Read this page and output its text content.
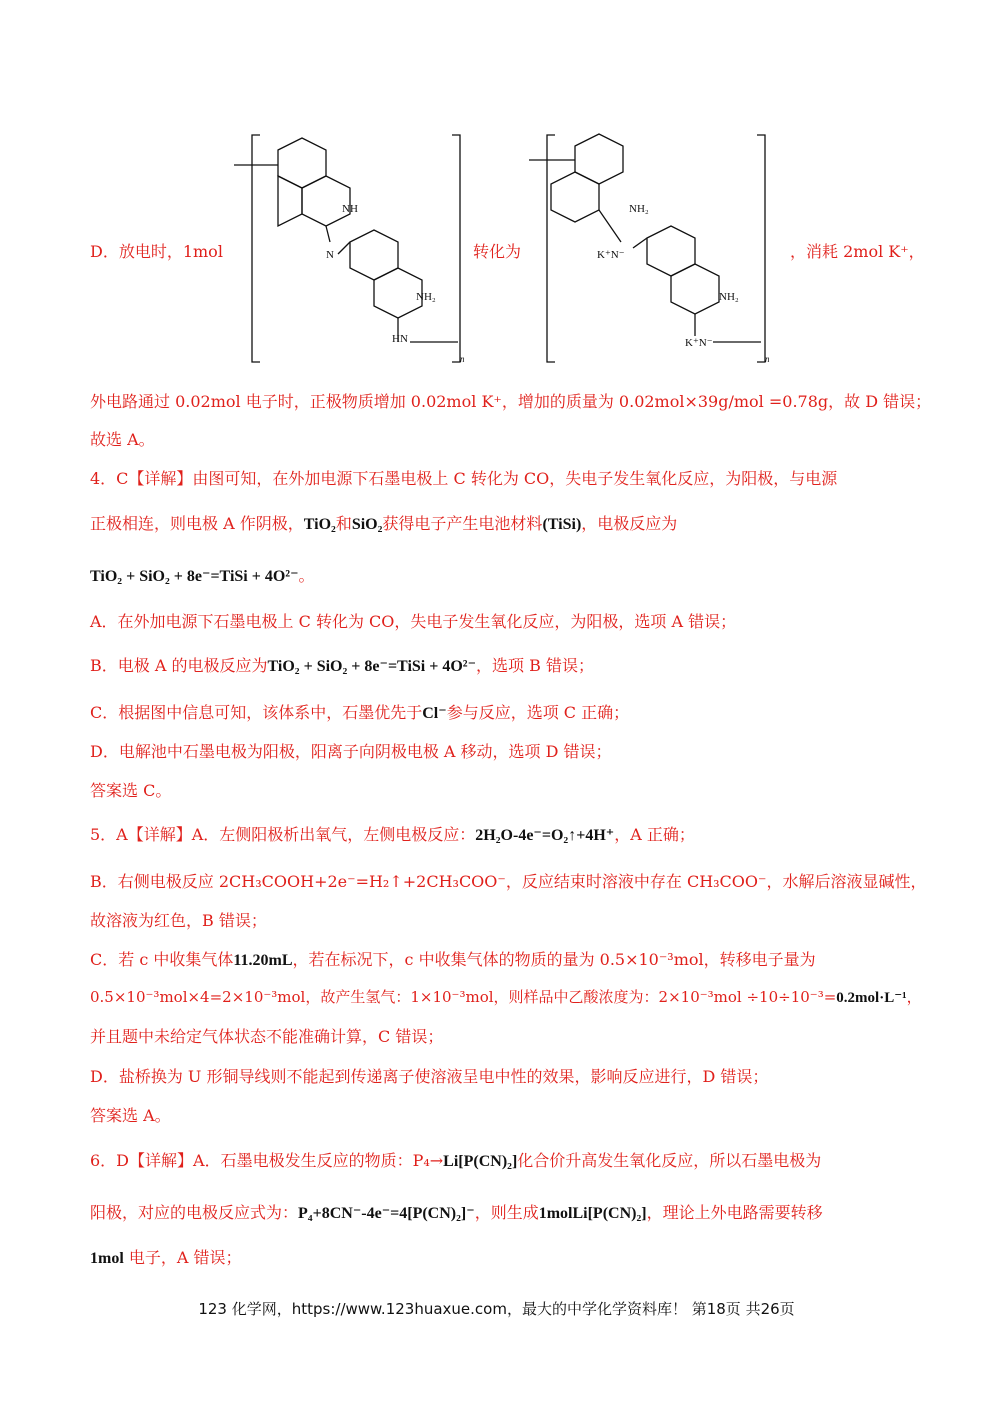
D．放电时，1mol	转化为	，消耗 2mol K⁺，
NH
N
NH₂
HN
n
NH₂
K⁺N⁻
NH₂
K⁺N⁻
n
外电路通过 0.02mol 电子时，正极物质增加 0.02mol K⁺，增加的质量为 0.02mol×39g/mol =0.78g，故 D 错误；
故选 A。
4．C【详解】由图可知，在外加电源下石墨电极上 C 转化为 CO，失电子发生氧化反应，为阳极，与电源
正极相连，则电极 A 作阴极，TiO₂和SiO₂获得电子产生电池材料(TiSi)，电极反应为
TiO₂ + SiO₂ + 8e⁻=TiSi + 4O²⁻。
A．在外加电源下石墨电极上 C 转化为 CO，失电子发生氧化反应，为阳极，选项 A 错误；
B．电极 A 的电极反应为TiO₂ + SiO₂ + 8e⁻=TiSi + 4O²⁻，选项 B 错误；
C．根据图中信息可知，该体系中，石墨优先于Cl⁻参与反应，选项 C 正确；
D．电解池中石墨电极为阳极，阳离子向阴极电极 A 移动，选项 D 错误；
答案选 C。
5．A【详解】A．左侧阳极析出氧气，左侧电极反应：2H₂O-4e⁻=O₂↑+4H⁺，A 正确；
B．右侧电极反应 2CH₃COOH+2e⁻=H₂↑+2CH₃COO⁻，反应结束时溶液中存在 CH₃COO⁻，水解后溶液显碱性，
故溶液为红色，B 错误；
C．若 c 中收集气体11.20mL，若在标况下，c 中收集气体的物质的量为 0.5×10⁻³mol，转移电子量为
0.5×10⁻³mol×4=2×10⁻³mol，故产生氢气：1×10⁻³mol，则样品中乙酸浓度为：2×10⁻³mol ÷10÷10⁻³=0.2mol·L⁻¹，
并且题中未给定气体状态不能准确计算，C 错误；
D．盐桥换为 U 形铜导线则不能起到传递离子使溶液呈电中性的效果，影响反应进行，D 错误；
答案选 A。
6．D【详解】A．石墨电极发生反应的物质：P₄→Li[P(CN)₂]化合价升高发生氧化反应，所以石墨电极为
阳极，对应的电极反应式为：P₄+8CN⁻-4e⁻=4[P(CN)₂]⁻，则生成1molLi[P(CN)₂]，理论上外电路需要转移
1mol 电子，A 错误；
123 化学网，https://www.123huaxue.com，最大的中学化学资料库！ 第18页 共26页
